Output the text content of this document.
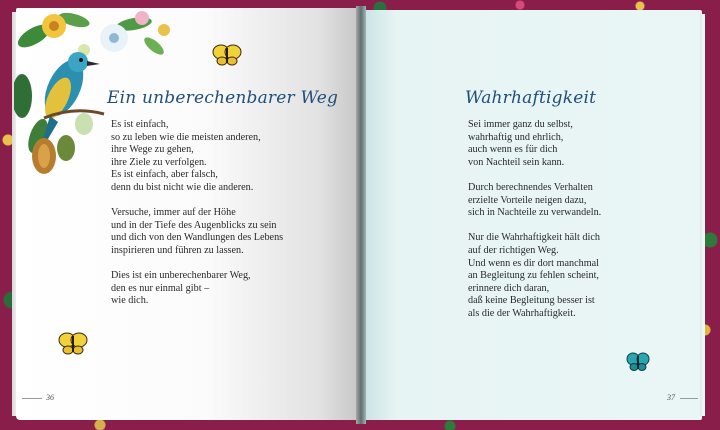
Ein unberechenbarer Weg
Es ist einfach,
so zu leben wie die meisten anderen,
ihre Wege zu gehen,
ihre Ziele zu verfolgen.
Es ist einfach, aber falsch,
denn du bist nicht wie die anderen.
Versuche, immer auf der Höhe
und in der Tiefe des Augenblicks zu sein
und dich von den Wandlungen des Lebens
inspirieren und führen zu lassen.
Dies ist ein unberechenbarer Weg,
den es nur einmal gibt –
wie dich.
Wahrhaftigkeit
Sei immer ganz du selbst,
wahrhaftig und ehrlich,
auch wenn es für dich
von Nachteil sein kann.
Durch berechnendes Verhalten
erzielte Vorteile neigen dazu,
sich in Nachteile zu verwandeln.
Nur die Wahrhaftigkeit hält dich
auf der richtigen Weg.
Und wenn es dir dort manchmal
an Begleitung zu fehlen scheint,
erinnere dich daran,
daß keine Begleitung besser ist
als die der Wahrhaftigkeit.
36	37
